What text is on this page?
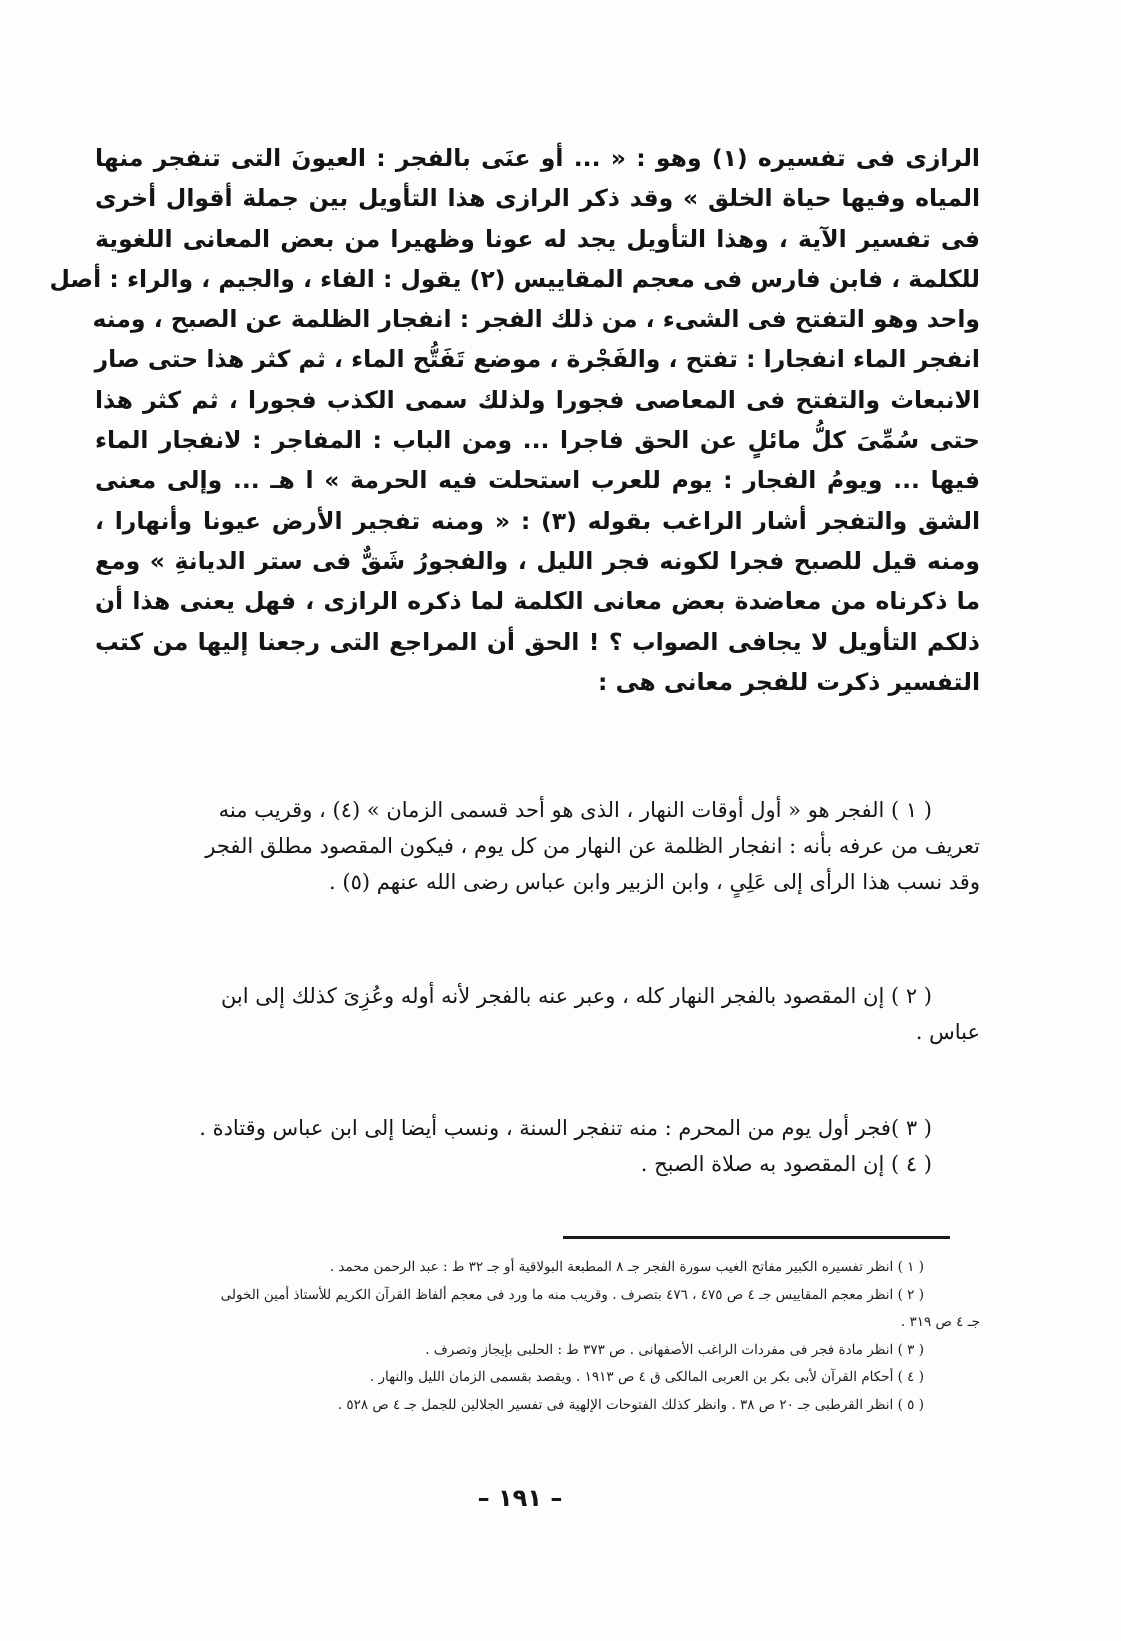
الرازى فى تفسيره (١) وهو : « ... أو عنَى بالفجر : العيونَ التى تنفجر منها
المياه وفيها حياة الخلق » وقد ذكر الرازى هذا التأويل بين جملة أقوال أخرى
فى تفسير الآية ، وهذا التأويل يجد له عونا وظهيرا من بعض المعانى اللغوية
للكلمة ، فابن فارس فى معجم المقاييس (٢) يقول : الفاء ، والجيم ، والراء : أصل
واحد وهو التفتح فى الشىء ، من ذلك الفجر : انفجار الظلمة عن الصبح ، ومنه
انفجر الماء انفجارا : تفتح ، والفَجْرة ، موضع تَفَتُّح الماء ، ثم كثر هذا حتى صار
الانبعاث والتفتح فى المعاصى فجورا ولذلك سمى الكذب فجورا ، ثم كثر هذا
حتى سُمِّىَ كلُّ مائلٍ عن الحق فاجرا ... ومن الباب : المفاجر : لانفجار الماء
فيها ... ويومُ الفجار : يوم للعرب استحلت فيه الحرمة » ا هـ ... وإلى معنى
الشق والتفجر أشار الراغب بقوله (٣) : « ومنه تفجير الأرض عيونا وأنهارا ،
ومنه قيل للصبح فجرا لكونه فجر الليل ، والفجورُ شَقٌّ فى ستر الديانةِ » ومع
ما ذكرناه من معاضدة بعض معانى الكلمة لما ذكره الرازى ، فهل يعنى هذا أن
ذلكم التأويل لا يجافى الصواب ؟ ! الحق أن المراجع التى رجعنا إليها من كتب
التفسير ذكرت للفجر معانى هى :
( ١ ) الفجر هو « أول أوقات النهار ، الذى هو أحد قسمى الزمان » (٤) ، وقريب منه
تعريف من عرفه بأنه : انفجار الظلمة عن النهار من كل يوم ، فيكون المقصود مطلق الفجر
وقد نسب هذا الرأى إلى عَلِىٍ ، وابن الزبير وابن عباس رضى الله عنهم (٥) .
( ٢ ) إن المقصود بالفجر النهار كله ، وعبر عنه بالفجر لأنه أوله وعُزِىَ كذلك إلى ابن
عباس .
( ٣ )فجر أول يوم من المحرم : منه تنفجر السنة ، ونسب أيضا إلى ابن عباس وقتادة .
( ٤ ) إن المقصود به صلاة الصبح .
( ١ ) انظر تفسيره الكبير مفاتح الغيب سورة الفجر جـ ٨ المطبعة البولاقية أو جـ ٣٢ ط : عبد الرحمن محمد .
( ٢ ) انظر معجم المقاييس جـ ٤ ص ٤٧٥ ، ٤٧٦ بتصرف . وقريب منه ما ورد فى معجم ألفاظ القرآن الكريم للأستاذ أمين الخولى
جـ ٤ ص ٣١٩ .
( ٣ ) انظر مادة فجر فى مفردات الراغب الأصفهانى . ص ٣٧٣ ط : الحلبى بإيجاز وتصرف .
( ٤ ) أحكام القرآن لأبى بكر بن العربى المالكى ق ٤ ص ١٩١٣ . ويقصد بقسمى الزمان الليل والنهار .
( ٥ ) انظر القرطبى جـ ٢٠ ص ٣٨ . وانظر كذلك الفتوحات الإلهية فى تفسير الجلالين للجمل جـ ٤ ص ٥٢٨ .
– ١٩١ –
